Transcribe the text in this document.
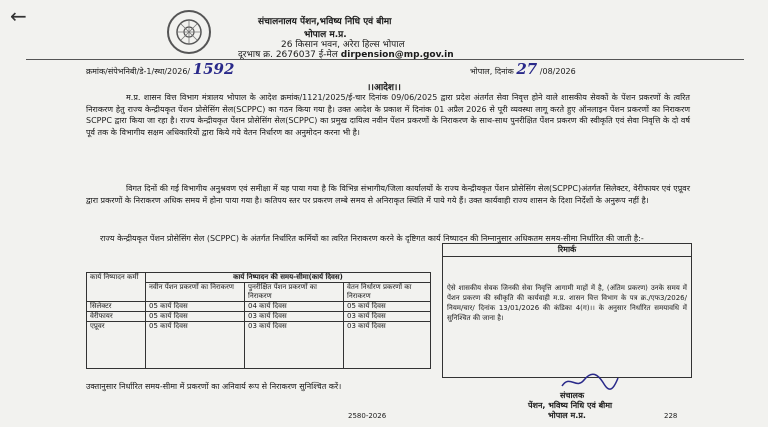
←	संचालनालय पेंशन,भविष्य निधि एवं बीमा
भोपाल म.प्र.
26 किसान भवन, अरेरा हिल्स भोपाल
दूरभाष क्र. 2676037 ई-मेल dirpension@mp.gov.in
क्रमांक/संपेभनिबी/डे-1/स्था/2026/ 1592	भोपाल, दिनांक 27 /08/2026
।।आदेश।।

म.प्र. शासन वित्त विभाग मंत्रालय भोपाल के आदेश क्रमांक/1121/2025/ई-चार दिनांक 09/06/2025 द्वारा प्रदेश अंतर्गत सेवा निवृत्त होने वाले शासकीय सेवकों के पेंशन प्रकरणों के त्वरित निराकरण हेतु राज्य केन्द्रीयकृत पेंशन प्रोसेसिंग सेल(SCPPC) का गठन किया गया है। उक्त आदेश के प्रकाश में दिनांक 01 अप्रैल 2026 से पूरी व्यवस्था लागू करते हुए ऑनलाइन पेंशन प्रकरणों का निराकरण SCPPC द्वारा किया जा रहा है। राज्य केन्द्रीयकृत पेंशन प्रोसेसिंग सेल(SCPPC) का प्रमुख दायित्व नवीन पेंशन प्रकरणों के निराकरण के साथ-साथ पुनरीक्षित पेंशन प्रकरण की स्वीकृति एवं सेवा निवृत्ति के दो वर्ष पूर्व तक के विभागीय सक्षम अधिकारियों द्वारा किये गये वेतन निर्धारण का अनुमोदन करना भी है।

विगत दिनों की गई विभागीय अनुश्रवण एवं समीक्षा में यह पाया गया है कि विभिन्न संभागीय/जिला कार्यालयों के राज्य केन्द्रीयकृत पेंशन प्रोसेसिंग सेल(SCPPC)अंतर्गत सिलेक्टर, वेरीफायर एवं एप्रूवर द्वारा प्रकरणों के निराकरण अधिक समय में होना पाया गया है। कतिपय स्तर पर प्रकरण लम्बे समय से अनिराकृत स्थिति में पाये गये हैं। उक्त कार्यवाही राज्य शासन के दिशा निर्देशों के अनुरूप नहीं है।

राज्य केन्द्रीयकृत पेंशन प्रोसेसिंग सेल (SCPPC) के अंतर्गत निर्धारित कर्मियों का त्वरित निराकरण करने के दृष्टिगत कार्य निष्पादन की निम्नानुसार अधिकतम समय-सीमा निर्धारित की जाती है:-

कार्य निष्पादन कर्मी	कार्य निष्पादन की समय-सीमा(कार्य दिवस)		
	नवीन पेंशन प्रकरणों का निराकरण	पुनरीक्षित पेंशन प्रकरणों का निराकरण	वेतन निर्धारण प्रकरणों का निराकरण
सिलेक्टर	05 कार्य दिवस	04 कार्य दिवस	05 कार्य दिवस
वेरीफायर	05 कार्य दिवस	03 कार्य दिवस	03 कार्य दिवस
एप्रूवर	05 कार्य दिवस	03 कार्य दिवस	03 कार्य दिवस
रिमार्क
ऐसे शासकीय सेवक जिनकी सेवा निवृत्ति आगामी माहों में है, (अंतिम प्रकरण) उनके समय में पेंशन प्रकरण की स्वीकृति की कार्यवाही म.प्र. शासन वित्त विभाग के पत्र क्र./एफ3/2026/नियम/चार/ दिनांक 13/01/2026 की कंडिका 4(ग)।। के अनुसार निर्धारित समयावधि में सुनिश्चित की जाना है।
उक्तानुसार निर्धारित समय-सीमा में प्रकरणों का अनिवार्य रूप से निराकरण सुनिश्चित करें।
संचालक
पेंशन, भविष्य निधि एवं बीमा
भोपाल म.प्र.
2580-2026	228
